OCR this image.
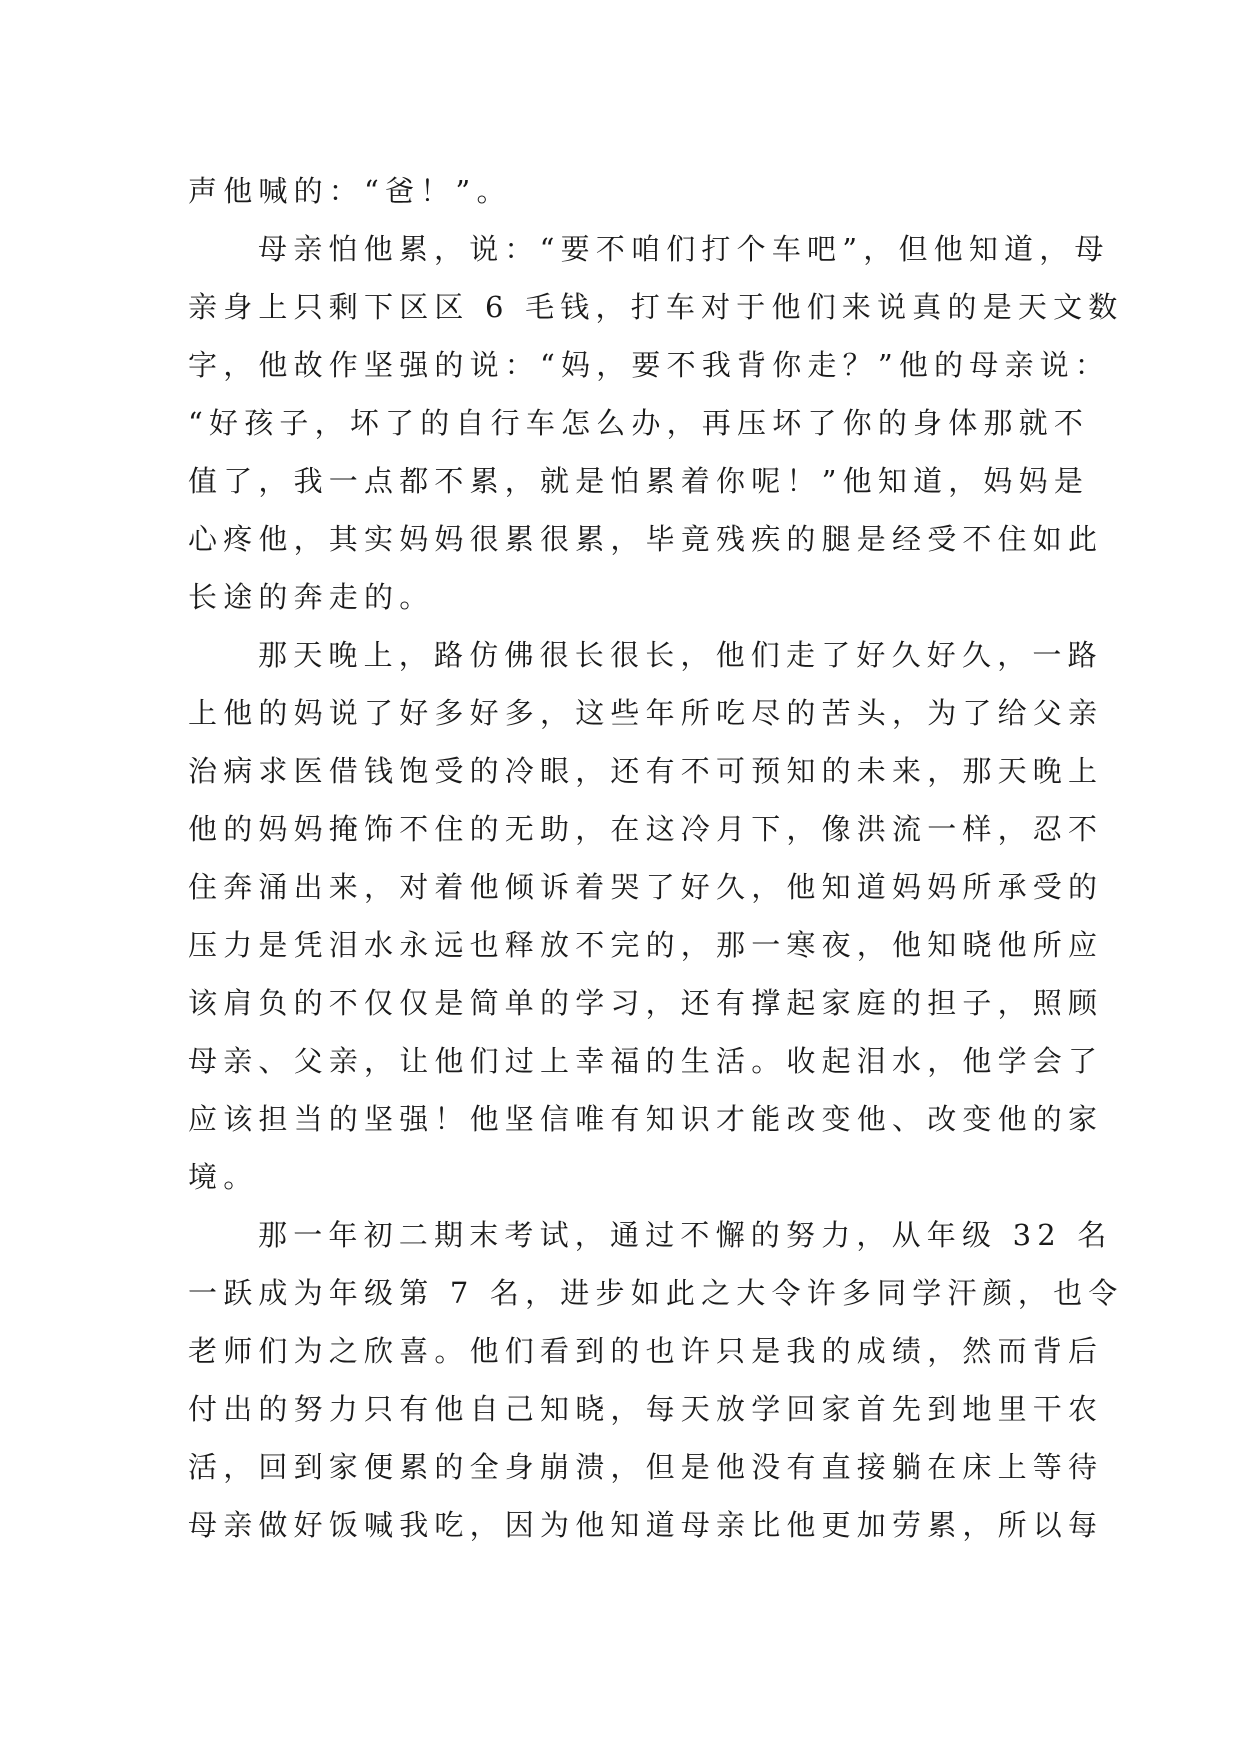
声他喊的：“爸！”。
母亲怕他累，说：“要不咱们打个车吧”，但他知道，母
亲身上只剩下区区 6 毛钱，打车对于他们来说真的是天文数
字，他故作坚强的说：“妈，要不我背你走？”他的母亲说：
“好孩子，坏了的自行车怎么办，再压坏了你的身体那就不
值了，我一点都不累，就是怕累着你呢！”他知道，妈妈是
心疼他，其实妈妈很累很累，毕竟残疾的腿是经受不住如此
长途的奔走的。
那天晚上，路仿佛很长很长，他们走了好久好久，一路
上他的妈说了好多好多，这些年所吃尽的苦头，为了给父亲
治病求医借钱饱受的冷眼，还有不可预知的未来，那天晚上
他的妈妈掩饰不住的无助，在这冷月下，像洪流一样，忍不
住奔涌出来，对着他倾诉着哭了好久，他知道妈妈所承受的
压力是凭泪水永远也释放不完的，那一寒夜，他知晓他所应
该肩负的不仅仅是简单的学习，还有撑起家庭的担子，照顾
母亲、父亲，让他们过上幸福的生活。收起泪水，他学会了
应该担当的坚强！他坚信唯有知识才能改变他、改变他的家
境。
那一年初二期末考试，通过不懈的努力，从年级 32 名
一跃成为年级第 7 名，进步如此之大令许多同学汗颜，也令
老师们为之欣喜。他们看到的也许只是我的成绩，然而背后
付出的努力只有他自己知晓，每天放学回家首先到地里干农
活，回到家便累的全身崩溃，但是他没有直接躺在床上等待
母亲做好饭喊我吃，因为他知道母亲比他更加劳累，所以每
